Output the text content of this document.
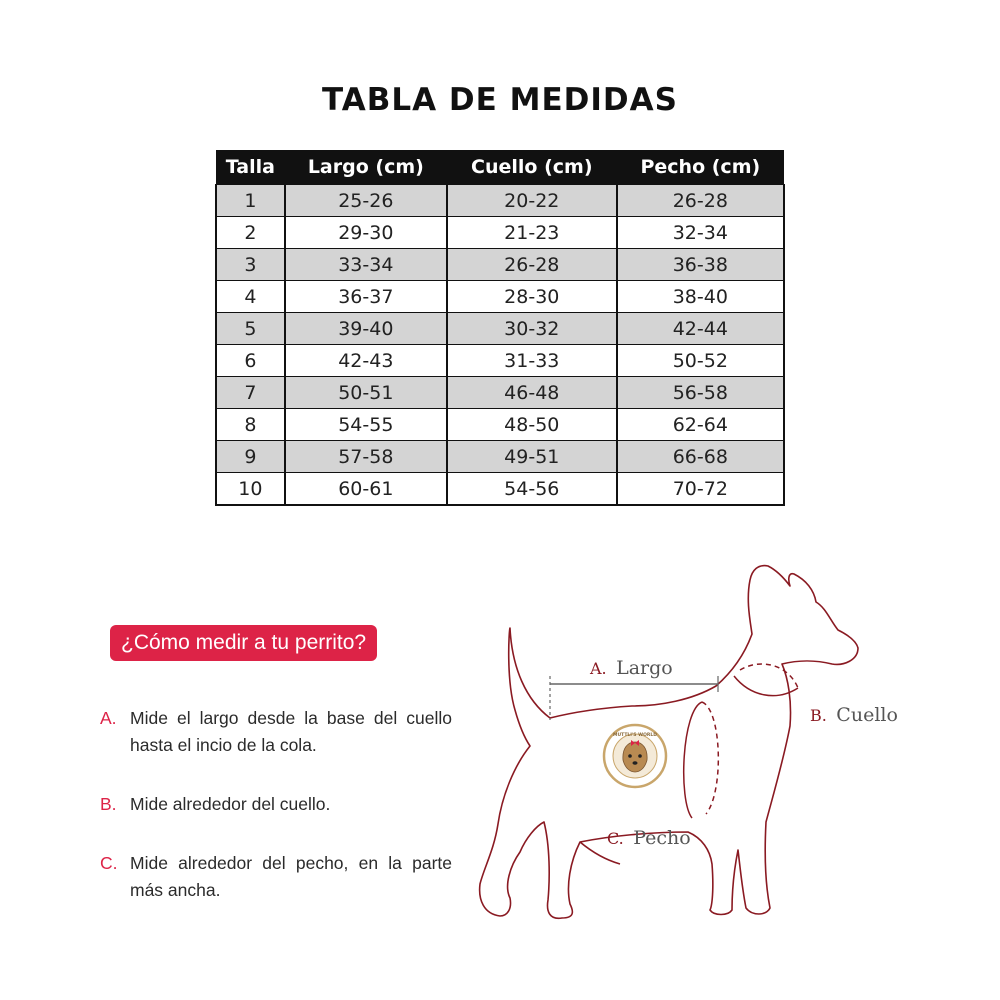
TABLA DE MEDIDAS
Talla	Largo (cm)	Cuello (cm)	Pecho (cm)
1	25-26	20-22	26-28
2	29-30	21-23	32-34
3	33-34	26-28	36-38
4	36-37	28-30	38-40
5	39-40	30-32	42-44
6	42-43	31-33	50-52
7	50-51	46-48	56-58
8	54-55	48-50	62-64
9	57-58	49-51	66-68
10	60-61	54-56	70-72
¿Cómo medir a tu perrito?
A. Mide el largo desde la base del cuello hasta el incio de la cola.
B. Mide alrededor del cuello.
C. Mide alrededor del pecho, en la parte más ancha.
A. Largo
B. Cuello
C. Pecho
MUTTLI'S WORLD
